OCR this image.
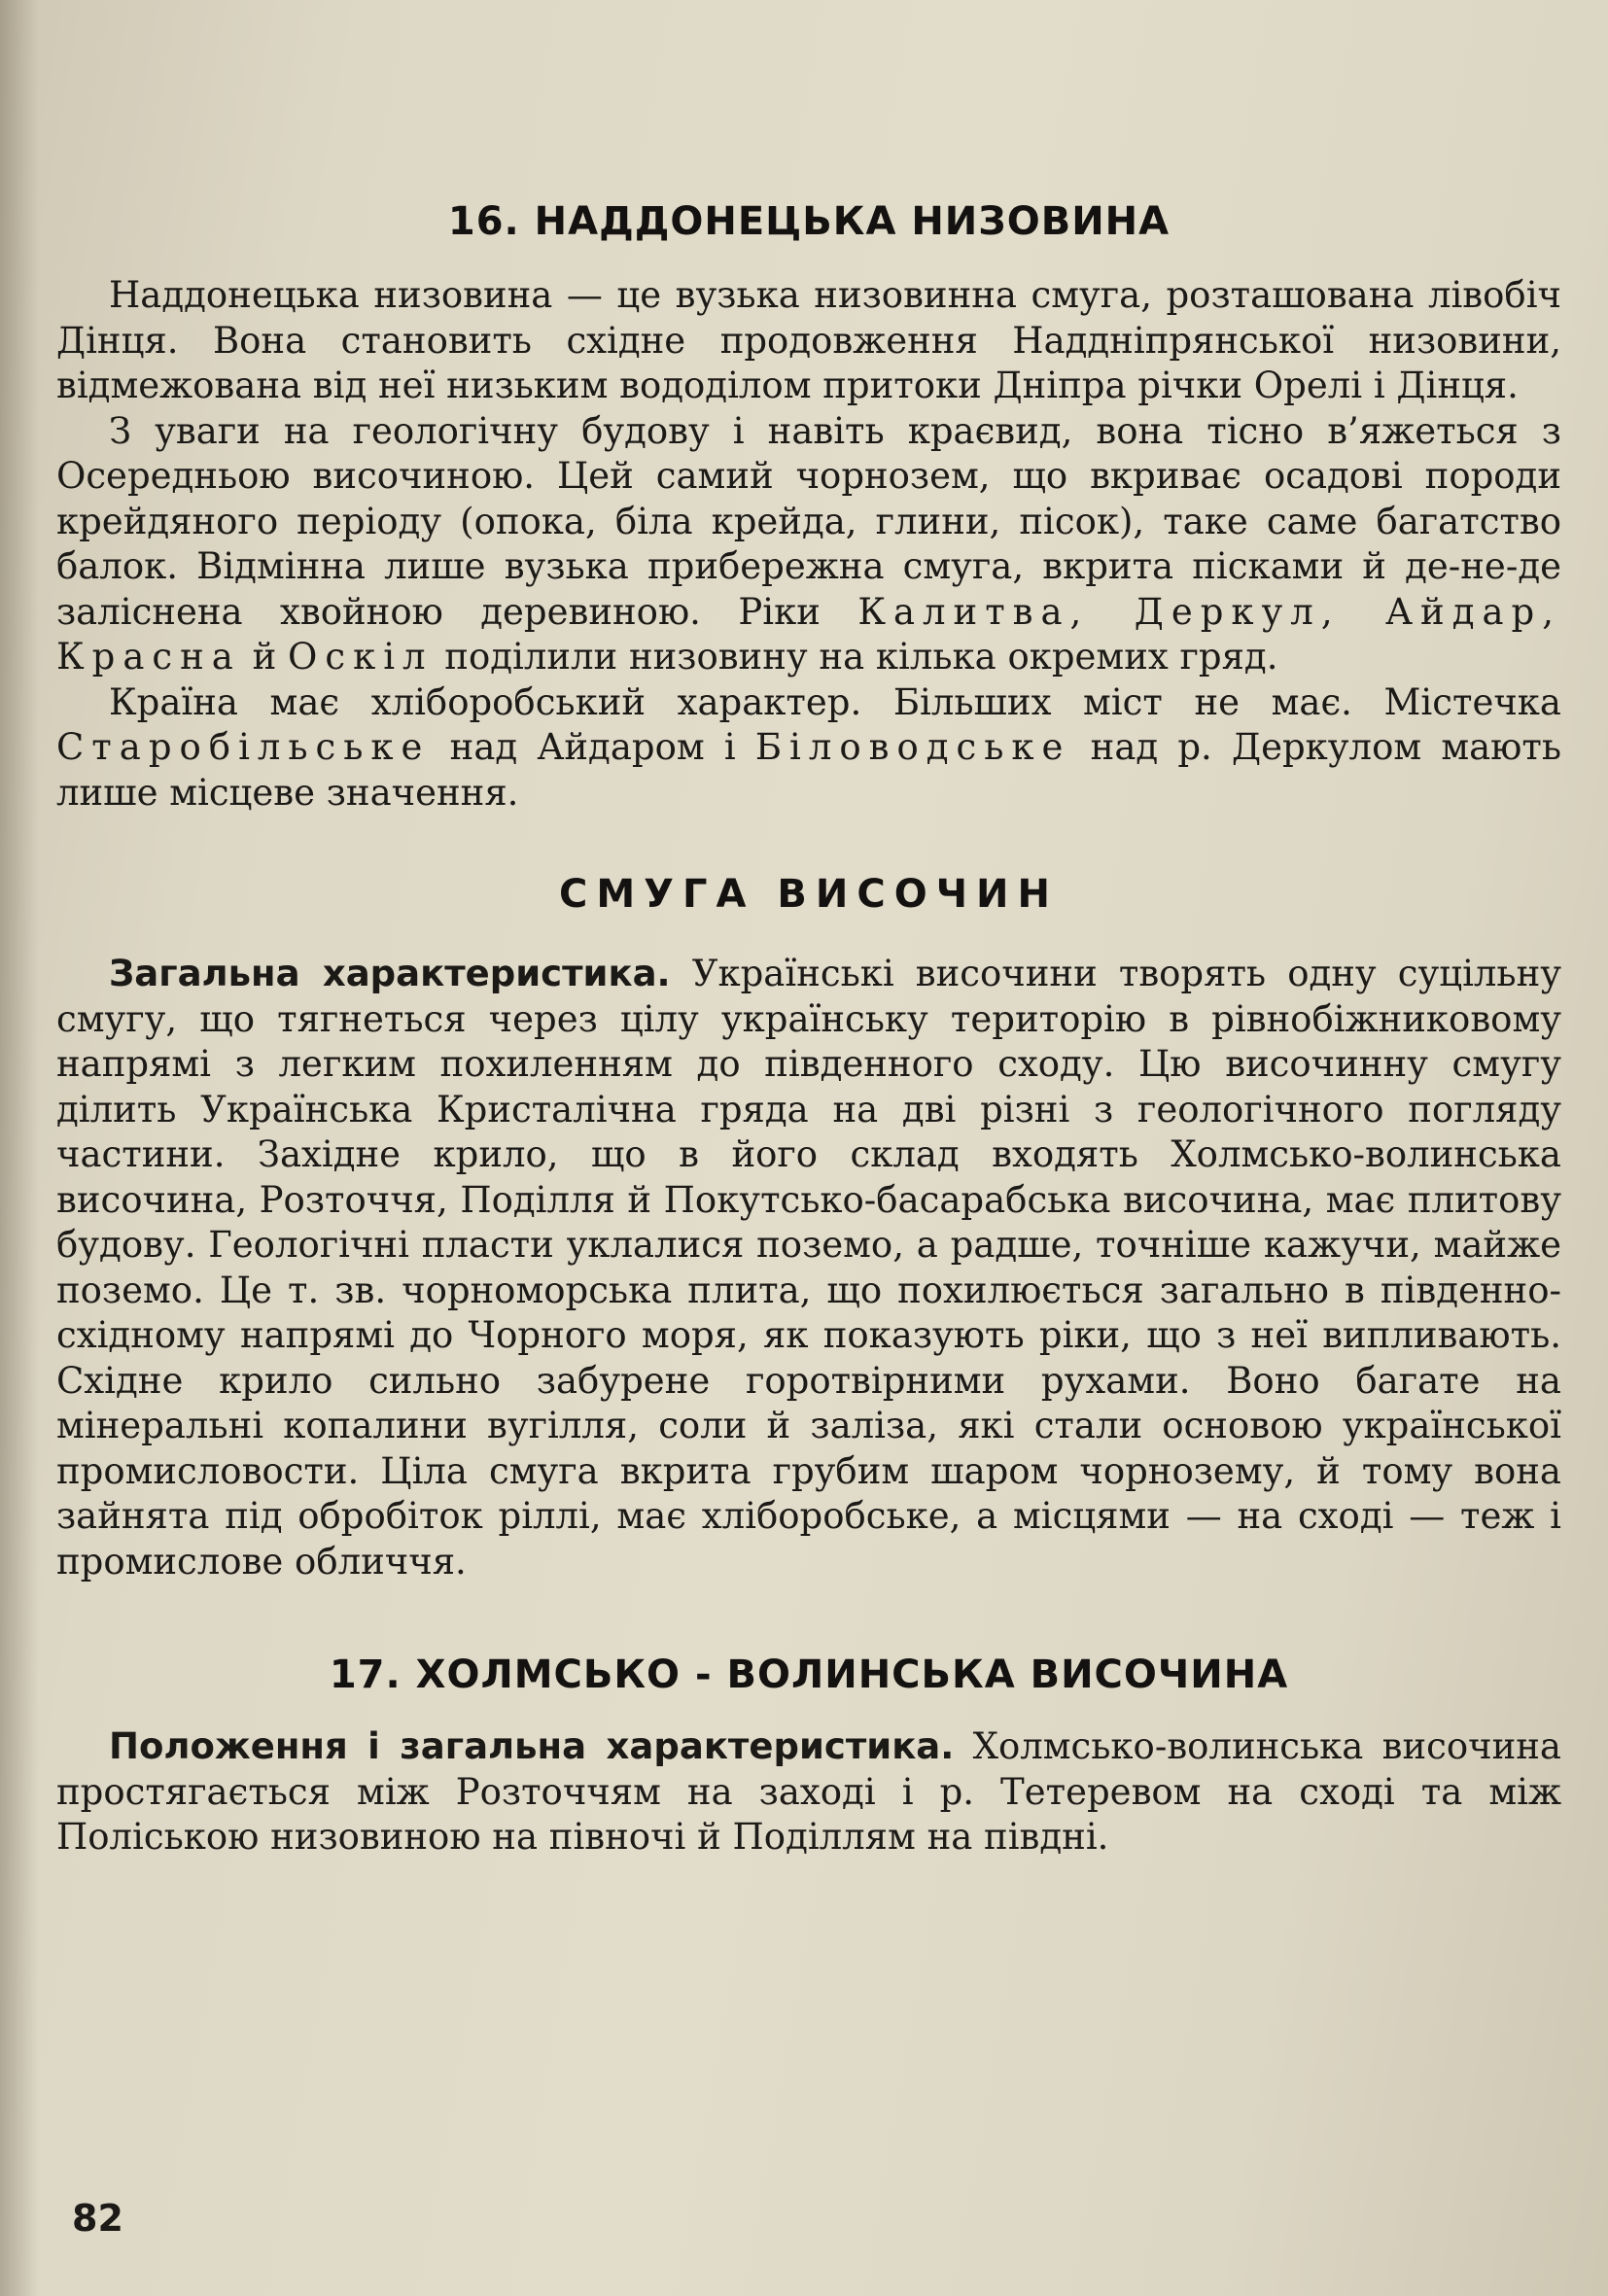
16. НАДДОНЕЦЬКА НИЗОВИНА

Наддонецька низовина — це вузька низовинна смуга, розташована лівобіч Дінця. Вона становить східне продовження Наддніпрянської низовини, відмежована від неї низьким вододілом притоки Дніпра річки Орелі і Дінця.

З уваги на геологічну будову і навіть краєвид, вона тісно в’яжеться з Осередньою височиною. Цей самий чорнозем, що вкриває осадові породи крейдяного періоду (опока, біла крейда, глини, пісок), таке саме багатство балок. Відмінна лише вузька прибережна смуга, вкрита пісками й де-не-де заліснена хвойною деревиною. Ріки Калитва, Деркул, Айдар, Красна й Оскіл поділили низовину на кілька окремих гряд.

Країна має хліборобський характер. Більших міст не має. Містечка Старобільське над Айдаром і Біловодське над р. Деркулом мають лише місцеве значення.

СМУГА ВИСОЧИН

Загальна характеристика. Українські височини творять одну суцільну смугу, що тягнеться через цілу українську територію в рівнобіжниковому напрямі з легким похиленням до південного сходу. Цю височинну смугу ділить Українська Кристалічна гряда на дві різні з геологічного погляду частини. Західне крило, що в його склад входять Холмсько-волинська височина, Розточчя, Поділля й Покутсько-басарабська височина, має плитову будову. Геологічні пласти уклалися поземо, а радше, точніше кажучи, майже поземо. Це т. зв. чорноморська плита, що похилюється загально в південно-східному напрямі до Чорного моря, як показують ріки, що з неї випливають. Східне крило сильно забурене горотвірними рухами. Воно багате на мінеральні копалини вугілля, соли й заліза, які стали основою української промисловости. Ціла смуга вкрита грубим шаром чорнозему, й тому вона зайнята під обробіток ріллі, має хліборобське, а місцями — на сході — теж і промислове обличчя.

17. ХОЛМСЬКО - ВОЛИНСЬКА ВИСОЧИНА

Положення і загальна характеристика. Холмсько-волинська височина простягається між Розточчям на заході і р. Тетеревом на сході та між Поліською низовиною на півночі й Поділлям на півдні.

82
